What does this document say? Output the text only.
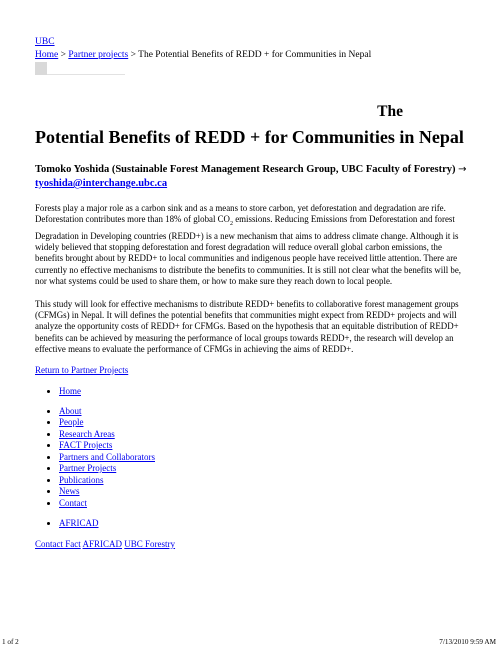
UBC
Home > Partner projects > The Potential Benefits of REDD + for Communities in Nepal
The
Potential Benefits of REDD + for Communities in Nepal
Tomoko Yoshida (Sustainable Forest Management Research Group, UBC Faculty of Forestry) → tyoshida@interchange.ubc.ca

Forests play a major role as a carbon sink and as a means to store carbon, yet deforestation and degradation are rife. Deforestation contributes more than 18% of global $CO_2$ emissions. Reducing Emissions from Deforestation and forest Degradation in Developing countries (REDD+) is a new mechanism that aims to address climate change. Although it is widely believed that stopping deforestation and forest degradation will reduce overall global carbon emissions, the benefits brought about by REDD+ to local communities and indigenous people have received little attention. There are currently no effective mechanisms to distribute the benefits to communities. It is still not clear what the benefits will be, nor what systems could be used to share them, or how to make sure they reach down to local people.

This study will look for effective mechanisms to distribute REDD+ benefits to collaborative forest management groups (CFMGs) in Nepal. It will defines the potential benefits that communities might expect from REDD+ projects and will analyze the opportunity costs of REDD+ for CFMGs. Based on the hypothesis that an equitable distribution of REDD+ benefits can be achieved by measuring the performance of local groups towards REDD+, the research will develop an effective means to evaluate the performance of CFMGs in achieving the aims of REDD+.

Return to Partner Projects
• Home
• About
• People
• Research Areas
• FACT Projects
• Partners and Collaborators
• Partner Projects
• Publications
• News
• Contact
• AFRICAD
Contact Fact AFRICAD UBC Forestry
1 of 2	7/13/2010 9:59 AM
